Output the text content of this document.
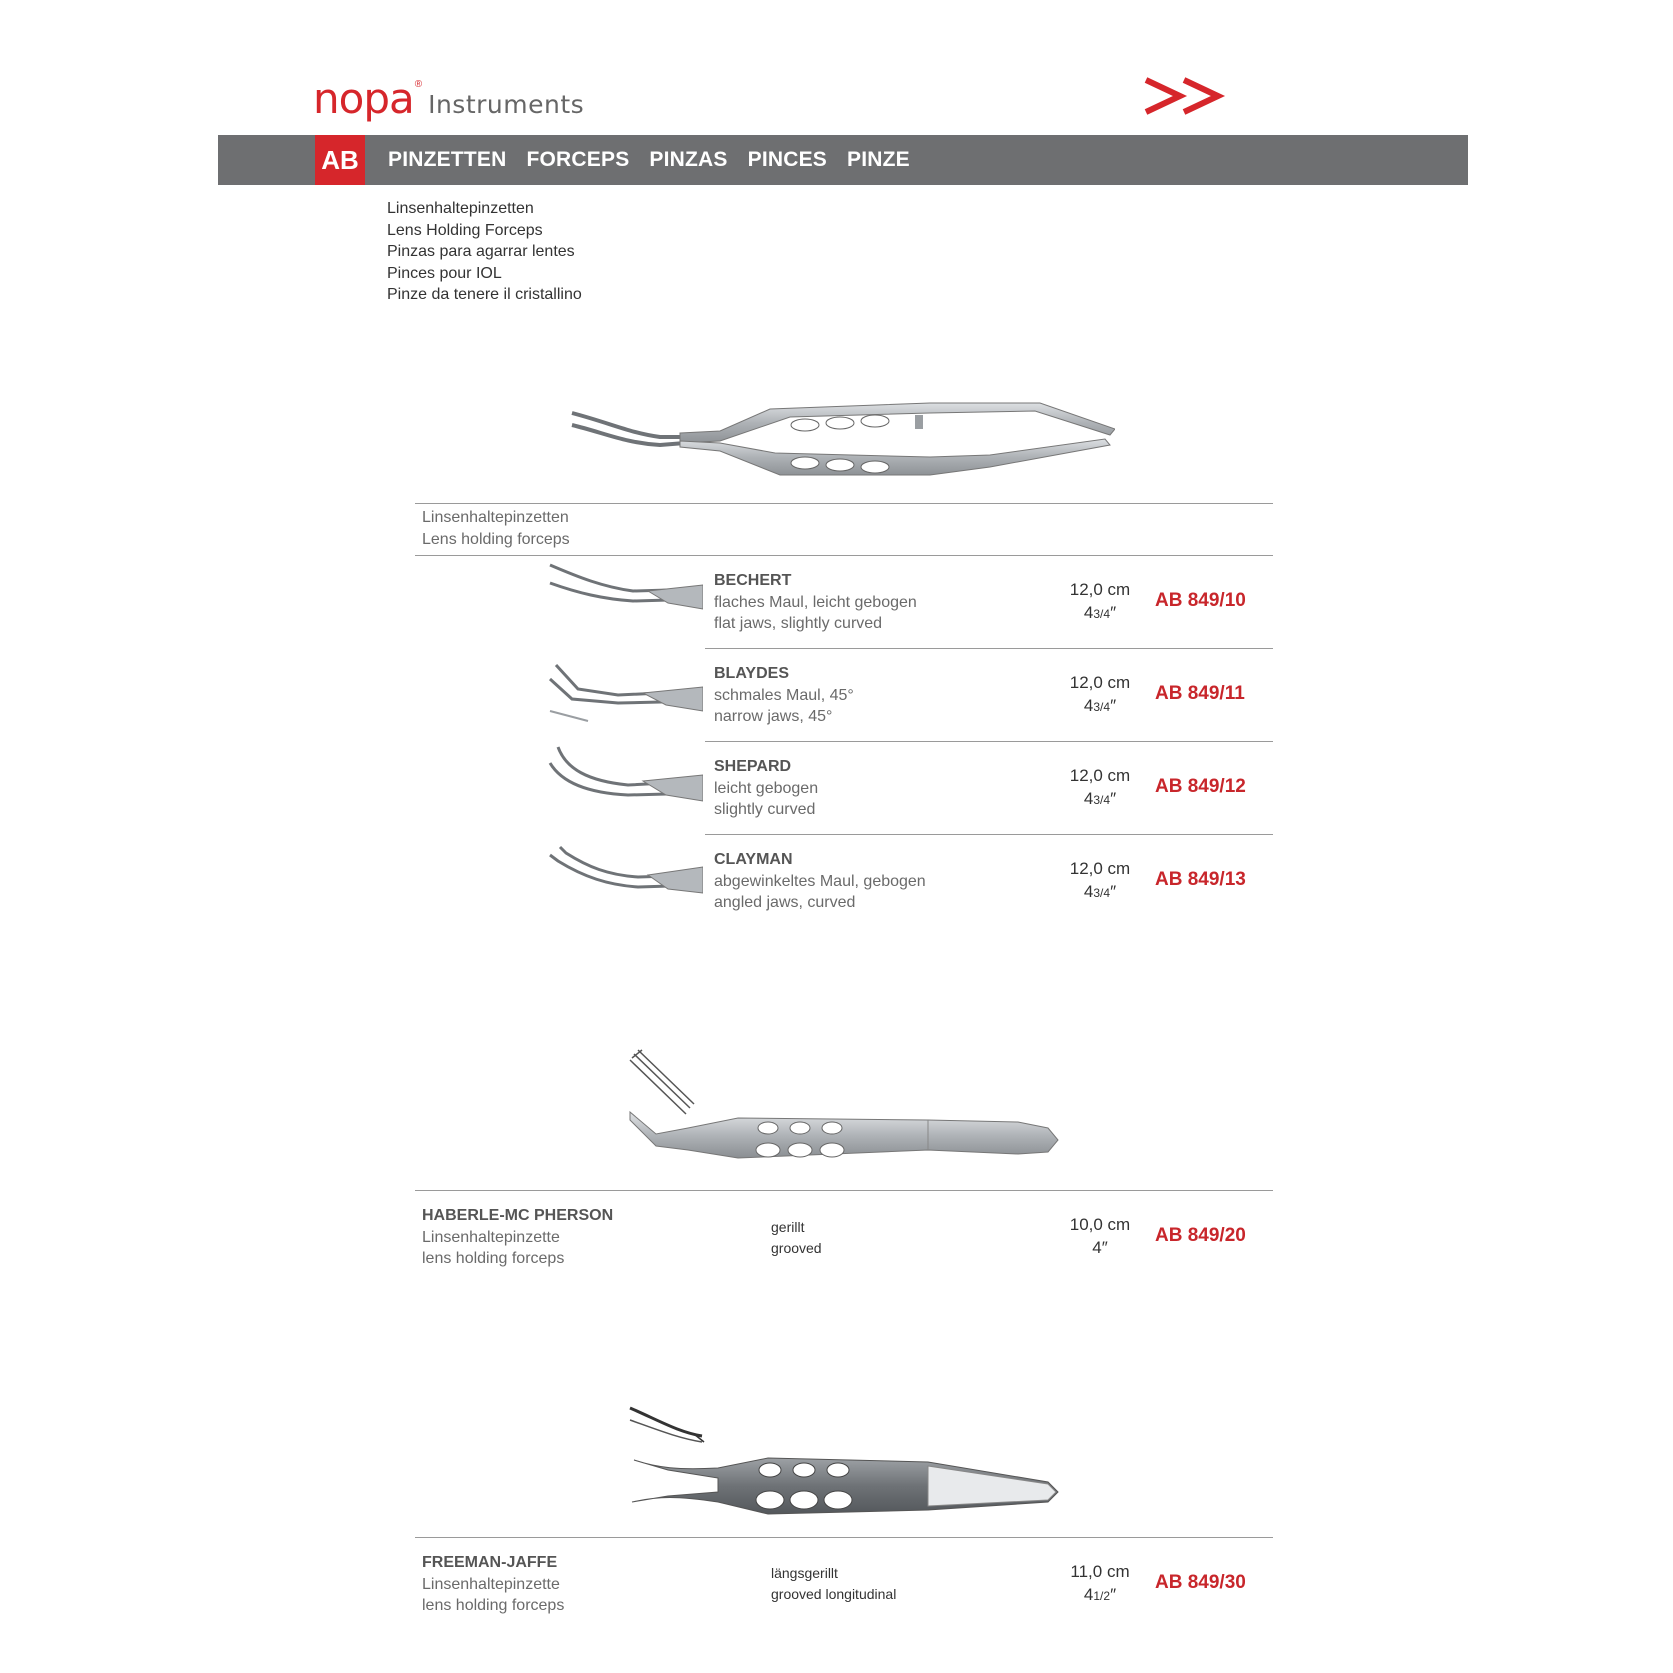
nopa ®
Instruments
AB PINZETTEN FORCEPS PINZAS PINCES PINZE
Linsenhaltepinzetten
Lens Holding Forceps
Pinzas para agarrar lentes
Pinces pour IOL
Pinze da tenere il cristallino
Linsenhaltepinzetten
Lens holding forceps
BECHERT
flaches Maul, leicht gebogen
flat jaws, slightly curved
12,0 cm
43/4″
AB 849/10
BLAYDES
schmales Maul, 45°
narrow jaws, 45°
12,0 cm
43/4″
AB 849/11
SHEPARD
leicht gebogen
slightly curved
12,0 cm
43/4″
AB 849/12
CLAYMAN
abgewinkeltes Maul, gebogen
angled jaws, curved
12,0 cm
43/4″
AB 849/13
HABERLE-MC PHERSON
Linsenhaltepinzette
lens holding forceps
gerillt
grooved
10,0 cm
4″
AB 849/20
FREEMAN-JAFFE
Linsenhaltepinzette
lens holding forceps
längsgerillt
grooved longitudinal
11,0 cm
41/2″
AB 849/30
